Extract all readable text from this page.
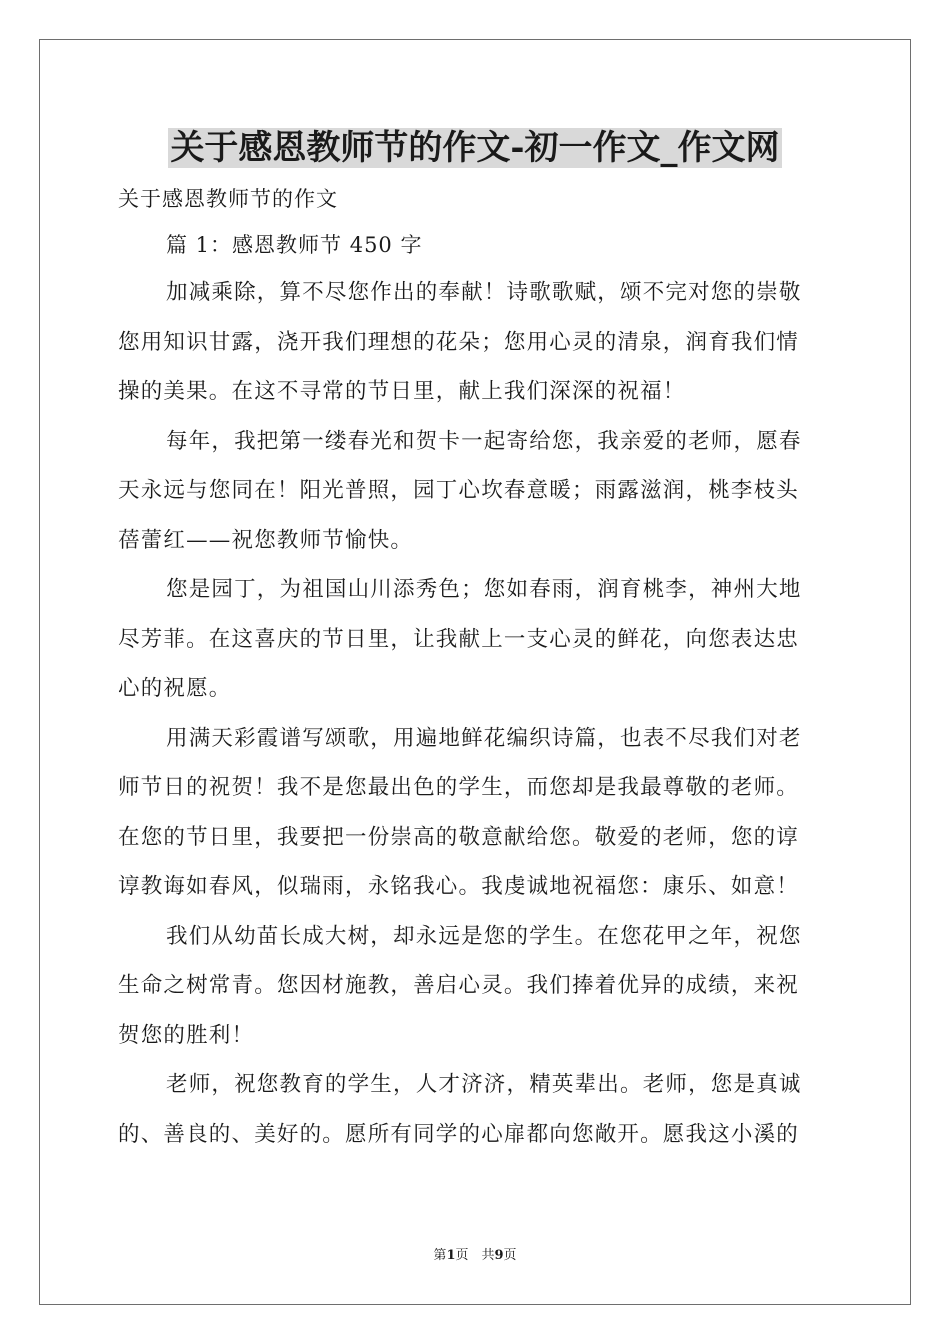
关于感恩教师节的作文-初一作文_作文网

关于感恩教师节的作文

篇 1：感恩教师节 450 字

加减乘除，算不尽您作出的奉献！诗歌歌赋，颂不完对您的崇敬
您用知识甘露，浇开我们理想的花朵；您用心灵的清泉，润育我们情
操的美果。在这不寻常的节日里，献上我们深深的祝福！

每年，我把第一缕春光和贺卡一起寄给您，我亲爱的老师，愿春
天永远与您同在！阳光普照，园丁心坎春意暖；雨露滋润，桃李枝头
蓓蕾红——祝您教师节愉快。

您是园丁，为祖国山川添秀色；您如春雨，润育桃李，神州大地
尽芳菲。在这喜庆的节日里，让我献上一支心灵的鲜花，向您表达忠
心的祝愿。

用满天彩霞谱写颂歌，用遍地鲜花编织诗篇，也表不尽我们对老
师节日的祝贺！我不是您最出色的学生，而您却是我最尊敬的老师。
在您的节日里，我要把一份崇高的敬意献给您。敬爱的老师，您的谆
谆教诲如春风，似瑞雨，永铭我心。我虔诚地祝福您：康乐、如意！

我们从幼苗长成大树，却永远是您的学生。在您花甲之年，祝您
生命之树常青。您因材施教，善启心灵。我们捧着优异的成绩，来祝
贺您的胜利！

老师，祝您教育的学生，人才济济，精英辈出。老师，您是真诚
的、善良的、美好的。愿所有同学的心扉都向您敞开。愿我这小溪的

第1页　共9页
